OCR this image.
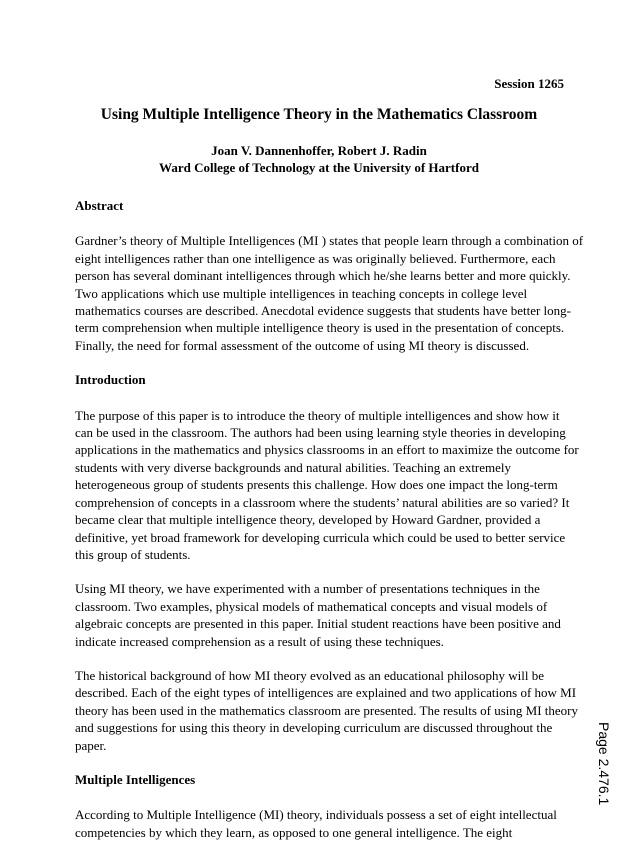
Session 1265
Using Multiple Intelligence Theory in the Mathematics Classroom
Joan V. Dannenhoffer, Robert J. Radin
Ward College of Technology at the University of Hartford
Abstract
Gardner’s theory of Multiple Intelligences (MI ) states that people learn through a combination of
eight intelligences rather than one intelligence as was originally believed. Furthermore, each
person has several dominant intelligences through which he/she learns better and more quickly.
Two applications which use multiple intelligences in teaching concepts in college level
mathematics courses are described. Anecdotal evidence suggests that students have better long-
term comprehension when multiple intelligence theory is used in the presentation of concepts.
Finally, the need for formal assessment of the outcome of using MI theory is discussed.
Introduction
The purpose of this paper is to introduce the theory of multiple intelligences and show how it
can be used in the classroom. The authors had been using learning style theories in developing
applications in the mathematics and physics classrooms in an effort to maximize the outcome for
students with very diverse backgrounds and natural abilities. Teaching an extremely
heterogeneous group of students presents this challenge. How does one impact the long-term
comprehension of concepts in a classroom where the students’ natural abilities are so varied? It
became clear that multiple intelligence theory, developed by Howard Gardner, provided a
definitive, yet broad framework for developing curricula which could be used to better service
this group of students.
Using MI theory, we have experimented with a number of presentations techniques in the
classroom. Two examples, physical models of mathematical concepts and visual models of
algebraic concepts are presented in this paper. Initial student reactions have been positive and
indicate increased comprehension as a result of using these techniques.
The historical background of how MI theory evolved as an educational philosophy will be
described. Each of the eight types of intelligences are explained and two applications of how MI
theory has been used in the mathematics classroom are presented. The results of using MI theory
and suggestions for using this theory in developing curriculum are discussed throughout the
paper.
Multiple Intelligences
According to Multiple Intelligence (MI) theory, individuals possess a set of eight intellectual
competencies by which they learn, as opposed to one general intelligence. The eight
Page 2.476.1
